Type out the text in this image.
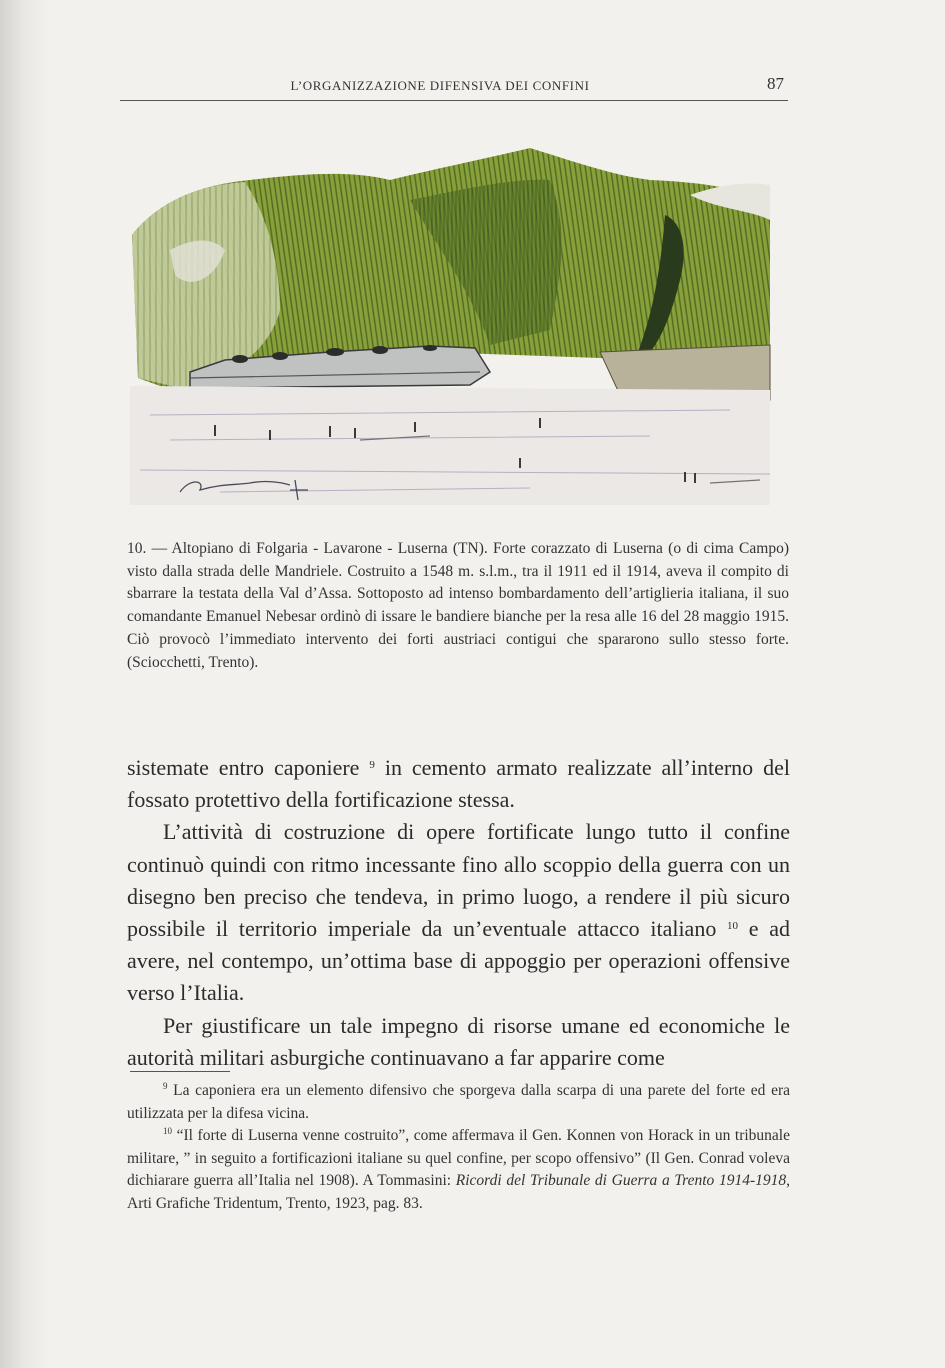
L’ORGANIZZAZIONE DIFENSIVA DEI CONFINI	87

10. — Altopiano di Folgaria - Lavarone - Luserna (TN). Forte corazzato di Luserna (o di cima Campo) visto dalla strada delle Mandriele. Costruito a 1548 m. s.l.m., tra il 1911 ed il 1914, aveva il compito di sbarrare la testata della Val d’Assa. Sottoposto ad intenso bombardamento dell’artiglieria italiana, il suo comandante Emanuel Nebesar ordinò di issare le bandiere bianche per la resa alle 16 del 28 maggio 1915. Ciò provocò l’immediato intervento dei forti austriaci contigui che spararono sullo stesso forte. (Sciocchetti, Trento).

sistemate entro caponiere $^9$ in cemento armato realizzate all’interno del fossato protettivo della fortificazione stessa.

L’attività di costruzione di opere fortificate lungo tutto il confine continuò quindi con ritmo incessante fino allo scoppio della guerra con un disegno ben preciso che tendeva, in primo luogo, a rendere il più sicuro possibile il territorio imperiale da un’eventuale attacco italiano $^{10}$ e ad avere, nel contempo, un’ottima base di appoggio per operazioni offensive verso l’Italia.

Per giustificare un tale impegno di risorse umane ed economiche le autorità militari asburgiche continuavano a far apparire come

$^9$ La caponiera era un elemento difensivo che sporgeva dalla scarpa di una parete del forte ed era utilizzata per la difesa vicina.

$^{10}$ “Il forte di Luserna venne costruito”, come affermava il Gen. Konnen von Horack in un tribunale militare, ” in seguito a fortificazioni italiane su quel confine, per scopo offensivo” (Il Gen. Conrad voleva dichiarare guerra all’Italia nel 1908). A Tommasini: Ricordi del Tribunale di Guerra a Trento 1914-1918, Arti Grafiche Tridentum, Trento, 1923, pag. 83.
